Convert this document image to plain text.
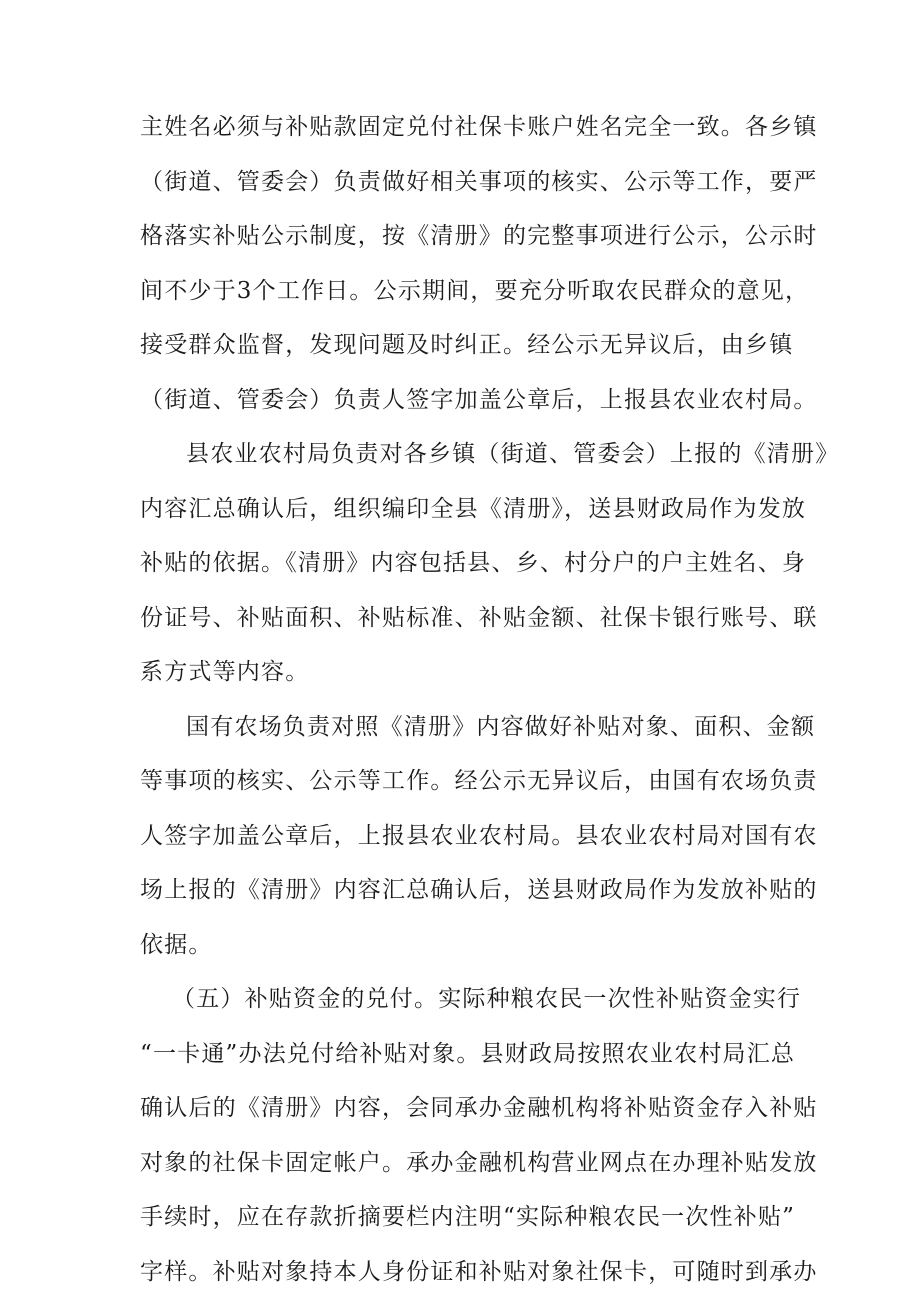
主姓名必须与补贴款固定兑付社保卡账户姓名完全一致。各乡镇
（街道、管委会）负责做好相关事项的核实、公示等工作，要严
格落实补贴公示制度，按《清册》的完整事项进行公示，公示时
间不少于3个工作日。公示期间，要充分听取农民群众的意见，
接受群众监督，发现问题及时纠正。经公示无异议后，由乡镇
（街道、管委会）负责人签字加盖公章后，上报县农业农村局。
县农业农村局负责对各乡镇（街道、管委会）上报的《清册》
内容汇总确认后，组织编印全县《清册》，送县财政局作为发放
补贴的依据。《清册》内容包括县、乡、村分户的户主姓名、身
份证号、补贴面积、补贴标准、补贴金额、社保卡银行账号、联
系方式等内容。
国有农场负责对照《清册》内容做好补贴对象、面积、金额
等事项的核实、公示等工作。经公示无异议后，由国有农场负责
人签字加盖公章后，上报县农业农村局。县农业农村局对国有农
场上报的《清册》内容汇总确认后，送县财政局作为发放补贴的
依据。
（五）补贴资金的兑付。实际种粮农民一次性补贴资金实行
“一卡通”办法兑付给补贴对象。县财政局按照农业农村局汇总
确认后的《清册》内容，会同承办金融机构将补贴资金存入补贴
对象的社保卡固定帐户。承办金融机构营业网点在办理补贴发放
手续时，应在存款折摘要栏内注明“实际种粮农民一次性补贴”
字样。补贴对象持本人身份证和补贴对象社保卡，可随时到承办
